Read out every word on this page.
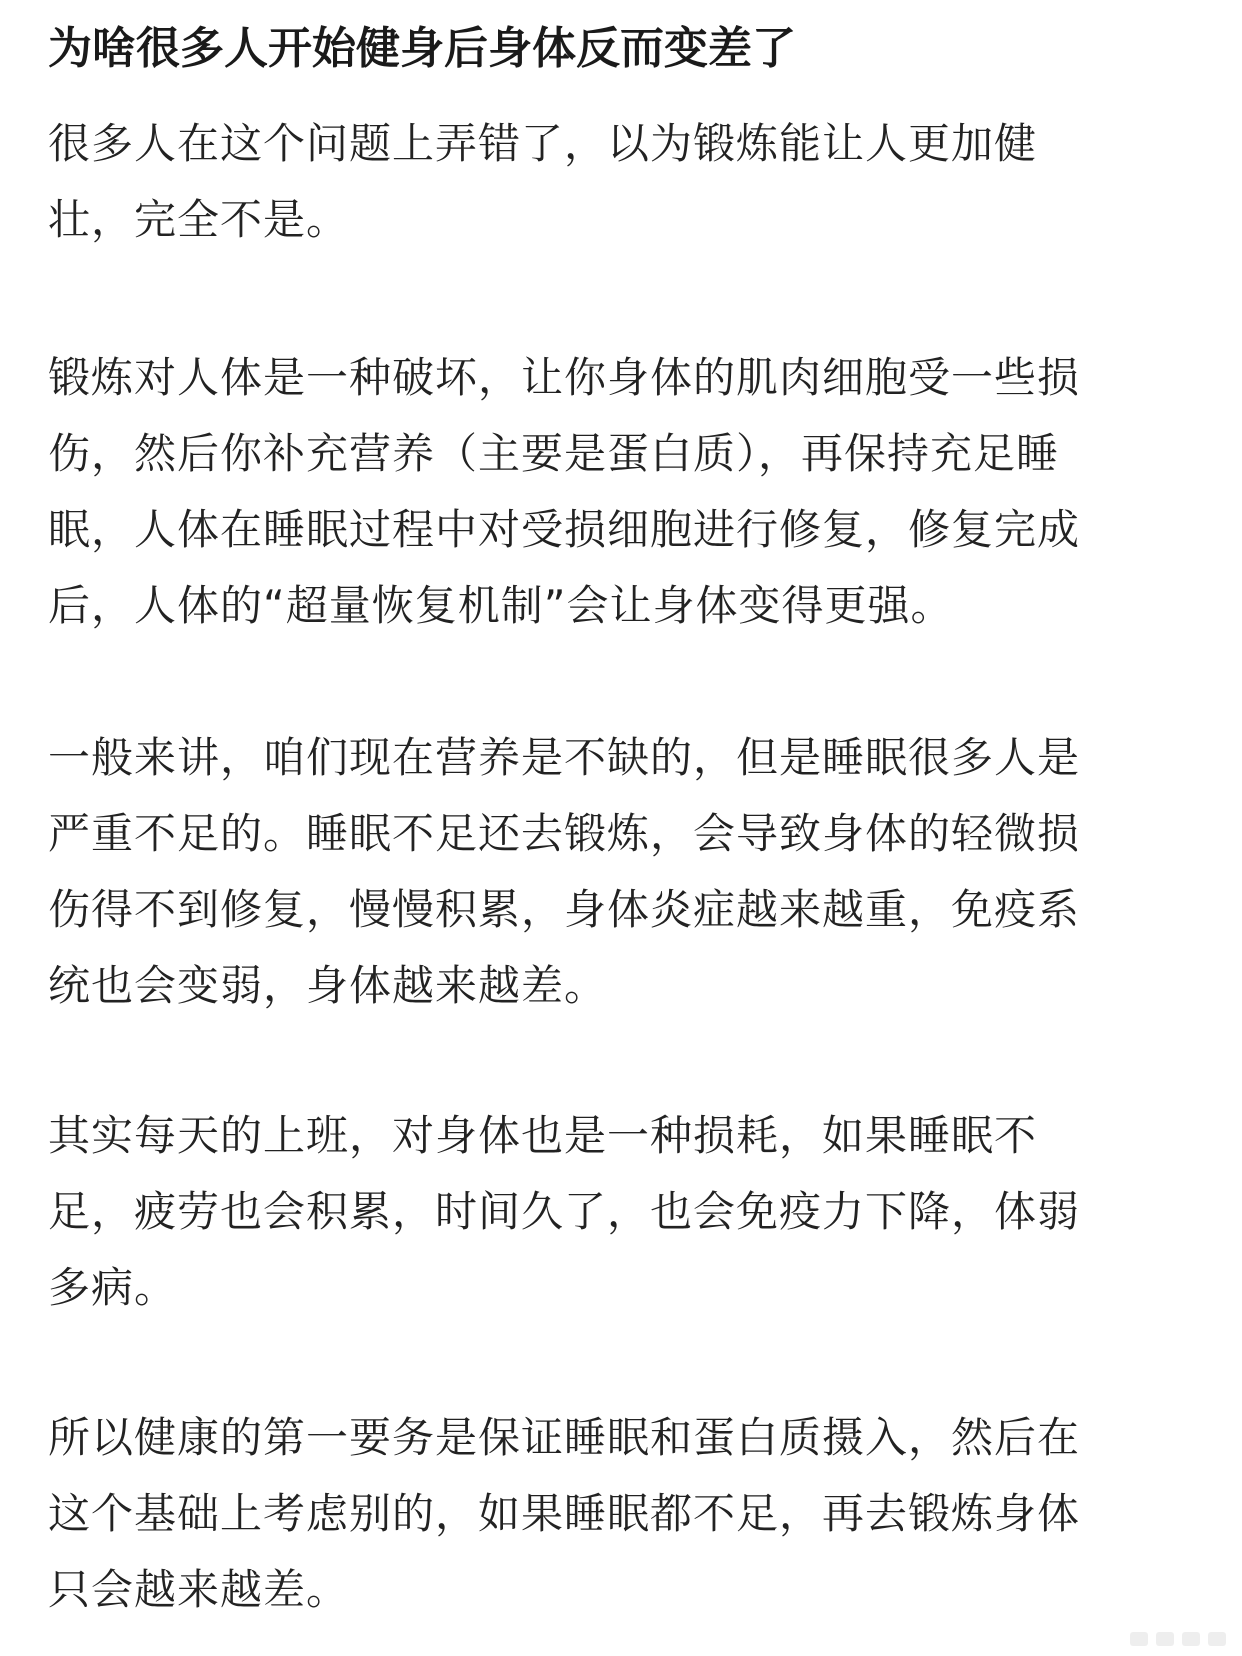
为啥很多人开始健身后身体反而变差了
很多人在这个问题上弄错了，以为锻炼能让人更加健
壮，完全不是。
锻炼对人体是一种破坏，让你身体的肌肉细胞受一些损
伤，然后你补充营养（主要是蛋白质），再保持充足睡
眠，人体在睡眠过程中对受损细胞进行修复，修复完成
后，人体的“超量恢复机制”会让身体变得更强。
一般来讲，咱们现在营养是不缺的，但是睡眠很多人是
严重不足的。睡眠不足还去锻炼，会导致身体的轻微损
伤得不到修复，慢慢积累，身体炎症越来越重，免疫系
统也会变弱，身体越来越差。
其实每天的上班，对身体也是一种损耗，如果睡眠不
足，疲劳也会积累，时间久了，也会免疫力下降，体弱
多病。
所以健康的第一要务是保证睡眠和蛋白质摄入，然后在
这个基础上考虑别的，如果睡眠都不足，再去锻炼身体
只会越来越差。
